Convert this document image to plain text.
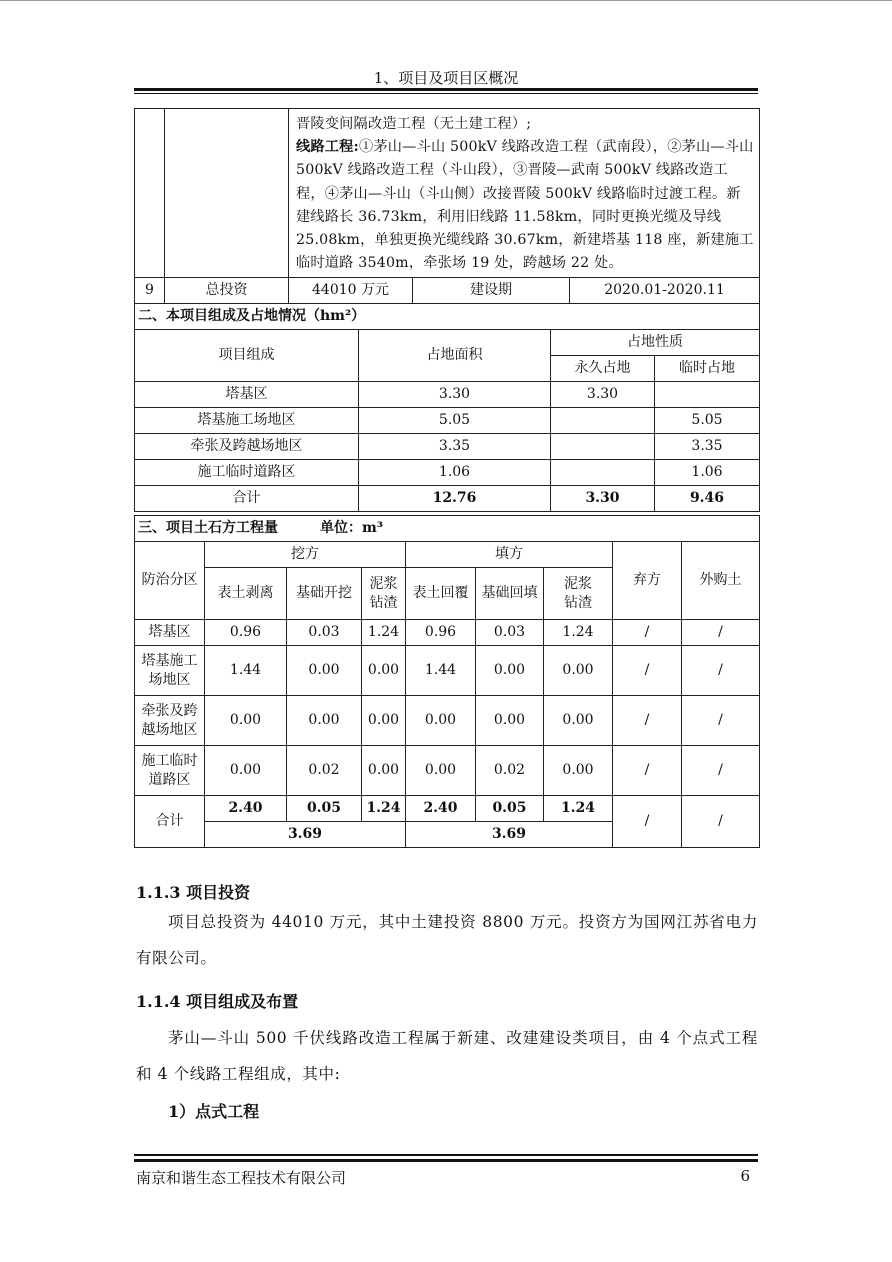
1、项目及项目区概况

晋陵变间隔改造工程（无土建工程）;
线路工程:①茅山—斗山 500kV 线路改造工程（武南段），②茅山—斗山 500kV 线路改造工程（斗山段），③晋陵—武南 500kV 线路改造工程，④茅山—斗山（斗山侧）改接晋陵 500kV 线路临时过渡工程。新建线路长 36.73km，利用旧线路 11.58km，同时更换光缆及导线 25.08km，单独更换光缆线路 30.67km，新建塔基 118 座，新建施工临时道路 3540m，牵张场 19 处，跨越场 22 处。
9	总投资	44010 万元	建设期	2020.01-2020.11
二、本项目组成及占地情况（hm²）			
项目组成	占地面积	占地性质	
		永久占地	临时占地
塔基区	3.30	3.30	
塔基施工场地区	5.05		5.05
牵张及跨越场地区	3.35		3.35
施工临时道路区	1.06		1.06
合计	12.76	3.30	9.46
三、项目土石方工程量 单位：m³								
防治分区	挖方			填方			弃方	外购土
	表土剥离	基础开挖	泥浆钻渣	表土回覆	基础回填	泥浆钻渣		
塔基区	0.96	0.03	1.24	0.96	0.03	1.24	/	/
塔基施工场地区	1.44	0.00	0.00	1.44	0.00	0.00	/	/
牵张及跨越场地区	0.00	0.00	0.00	0.00	0.00	0.00	/	/
施工临时道路区	0.00	0.02	0.00	0.00	0.02	0.00	/	/
合计	2.40	0.05	1.24	2.40	0.05	1.24	/	/
	3.69			3.69				
1.1.3 项目投资
项目总投资为 44010 万元，其中土建投资 8800 万元。投资方为国网江苏省电力有限公司。
1.1.4 项目组成及布置
茅山—斗山 500 千伏线路改造工程属于新建、改建建设类项目，由 4 个点式工程和 4 个线路工程组成，其中:
1）点式工程
南京和谐生态工程技术有限公司	6
